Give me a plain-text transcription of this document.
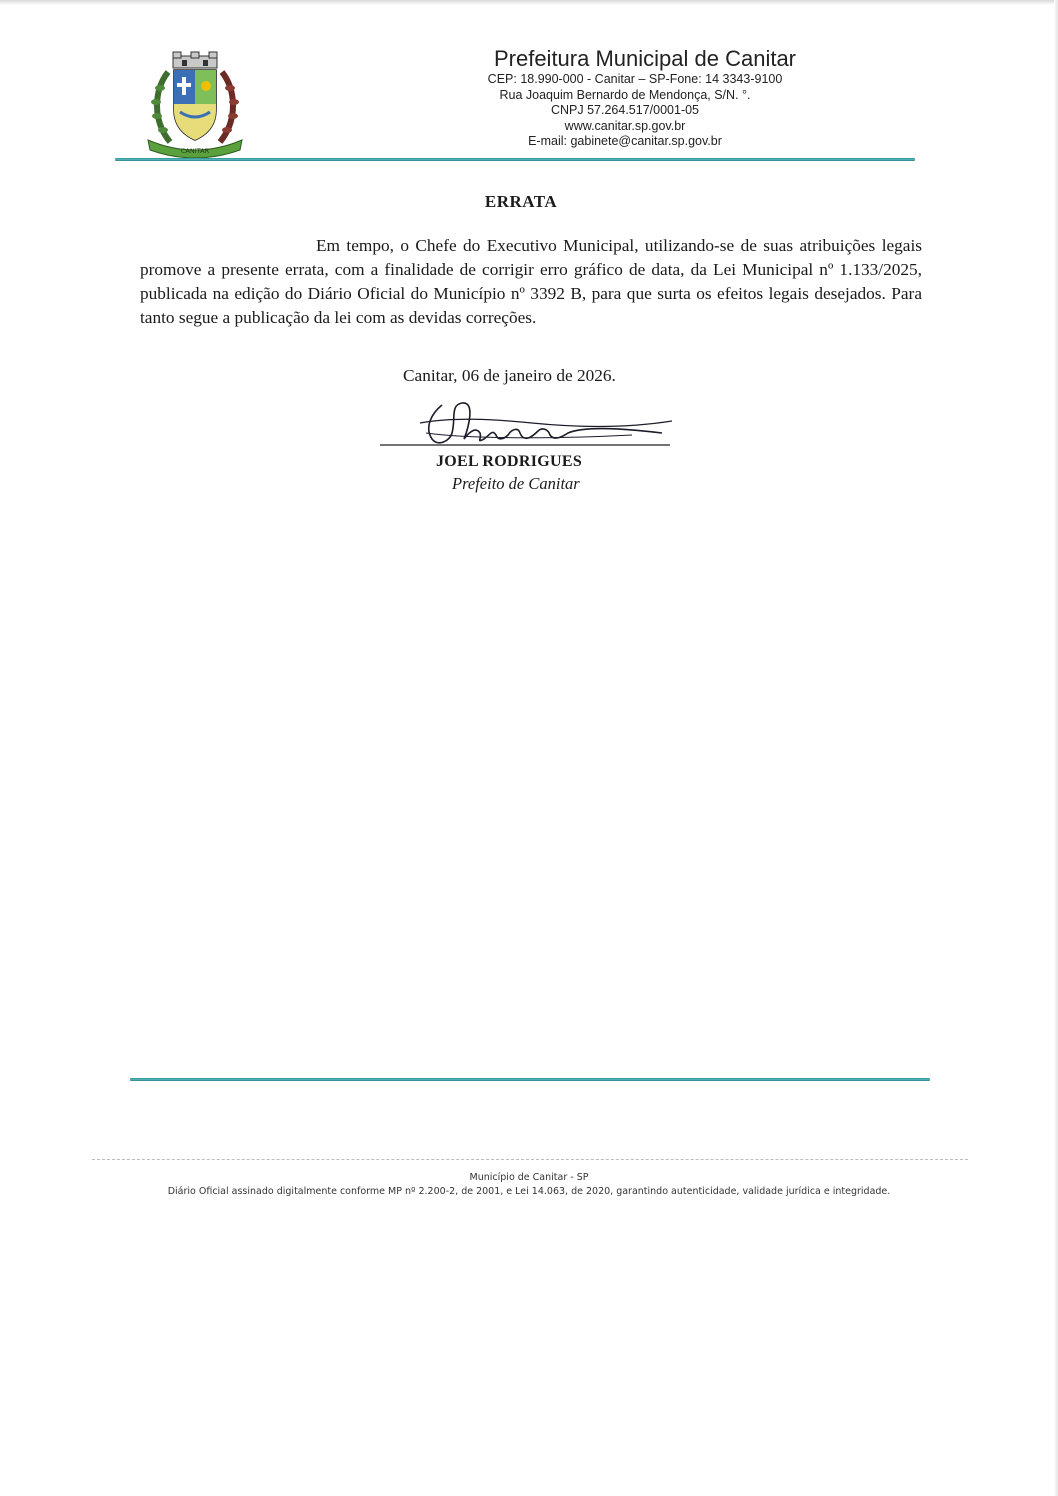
CANITAR
Prefeitura Municipal de Canitar
CEP: 18.990-000 - Canitar – SP-Fone: 14 3343-9100
Rua Joaquim Bernardo de Mendonça, S/N. °.
CNPJ 57.264.517/0001-05
www.canitar.sp.gov.br
E-mail: gabinete@canitar.sp.gov.br
ERRATA

Em tempo, o Chefe do Executivo Municipal, utilizando-se de suas atribuições legais promove a presente errata, com a finalidade de corrigir erro gráfico de data, da Lei Municipal nº 1.133/2025, publicada na edição do Diário Oficial do Município nº 3392 B, para que surta os efeitos legais desejados. Para tanto segue a publicação da lei com as devidas correções.

Canitar, 06 de janeiro de 2026.
JOEL RODRIGUES
Prefeito de Canitar
Município de Canitar - SP
Diário Oficial assinado digitalmente conforme MP nº 2.200-2, de 2001, e Lei 14.063, de 2020, garantindo autenticidade, validade jurídica e integridade.
